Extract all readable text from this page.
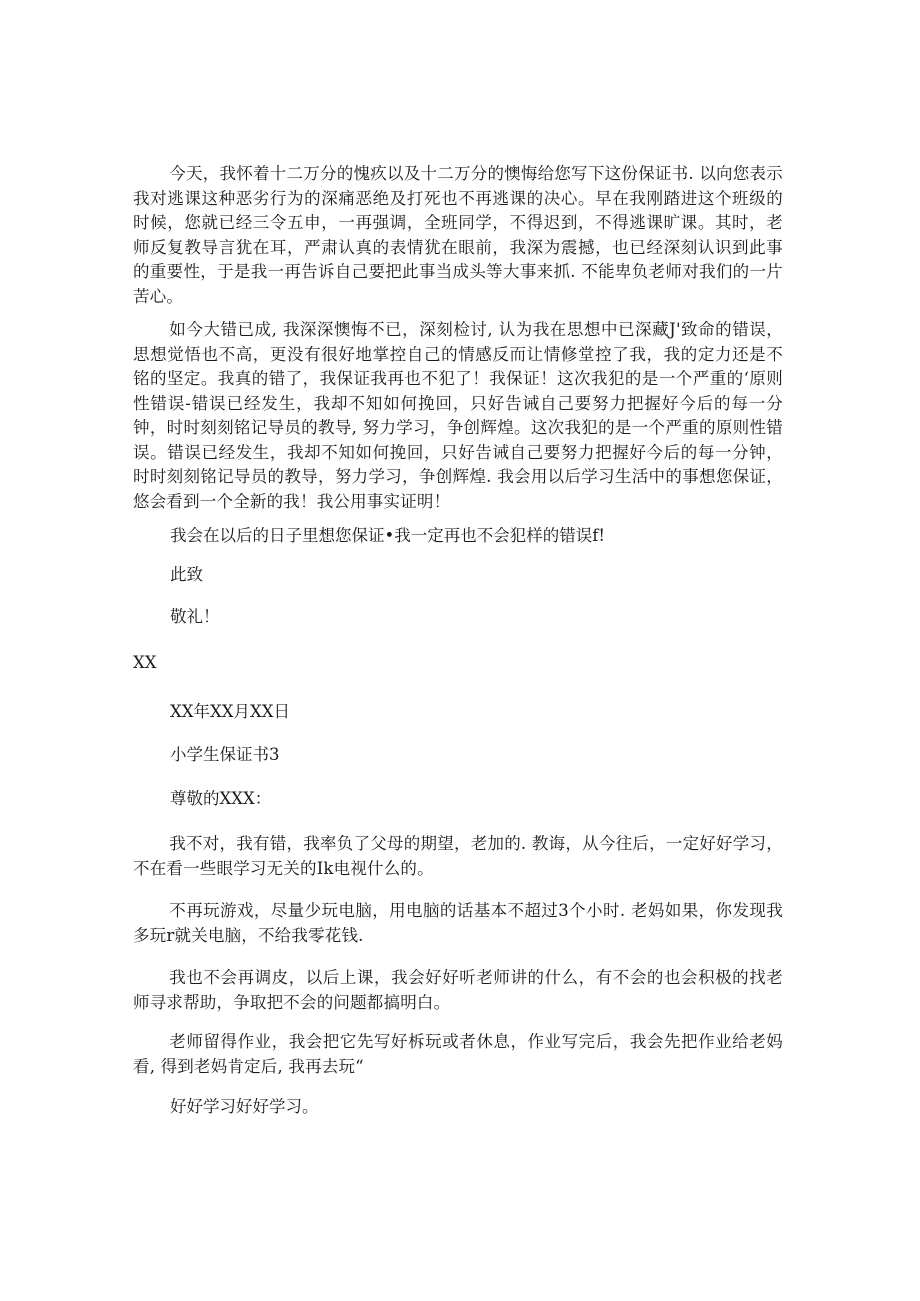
今天，我怀着十二万分的愧疚以及十二万分的懊悔给您写下这份保证书. 以向您表示我对逃课这种恶劣行为的深痛恶绝及打死也不再逃课的决心。早在我刚踏进这个班级的时候，您就已经三令五申，一再强调，全班同学，不得迟到，不得逃课旷课。其时，老师反复教导言犹在耳，严肃认真的表情犹在眼前，我深为震撼，也已经深刻认识到此事的重要性，于是我一再告诉自己要把此事当成头等大事来抓. 不能卑负老师对我们的一片苦心。

如今大错已成, 我深深懊悔不已，深刻检讨, 认为我在思想中已深藏J'致命的错误，思想觉悟也不高，更没有很好地掌控自己的情感反而让情修堂控了我，我的定力还是不铭的坚定。我真的错了，我保证我再也不犯了！我保证！这次我犯的是一个严重的‘原则性错误-错误已经发生，我却不知如何挽回，只好告诫自己要努力把握好今后的每一分钟，时时刻刻铭记导员的教导, 努力学习，争创辉煌。这次我犯的是一个严重的原则性错误。错误已经发生，我却不知如何挽回，只好告诫自己要努力把握好今后的每一分钟，时时刻刻铭记导员的教导，努力学习，争创辉煌. 我会用以后学习生活中的事想您保证，悠会看到一个全新的我！我公用事实证明！

我会在以后的日子里想您保证•我一定再也不会犯样的错误f!

此致

敬礼！

XX

XX年XX月XX日

小学生保证书3

尊敬的XXX：

我不对，我有错，我率负了父母的期望，老加的. 教诲，从今往后，一定好好学习，不在看一些眼学习无关的Ik电视什么的。

不再玩游戏，尽量少玩电脑，用电脑的话基本不超过3个小时. 老妈如果，你发现我多玩r就关电脑，不给我零花钱.

我也不会再调皮，以后上课，我会好好听老师讲的什么，有不会的也会积极的找老师寻求帮助，争取把不会的问题都搞明白。

老师留得作业，我会把它先写好柝玩或者休息，作业写完后，我会先把作业给老妈看, 得到老妈肯定后, 我再去玩“

好好学习好好学习。
